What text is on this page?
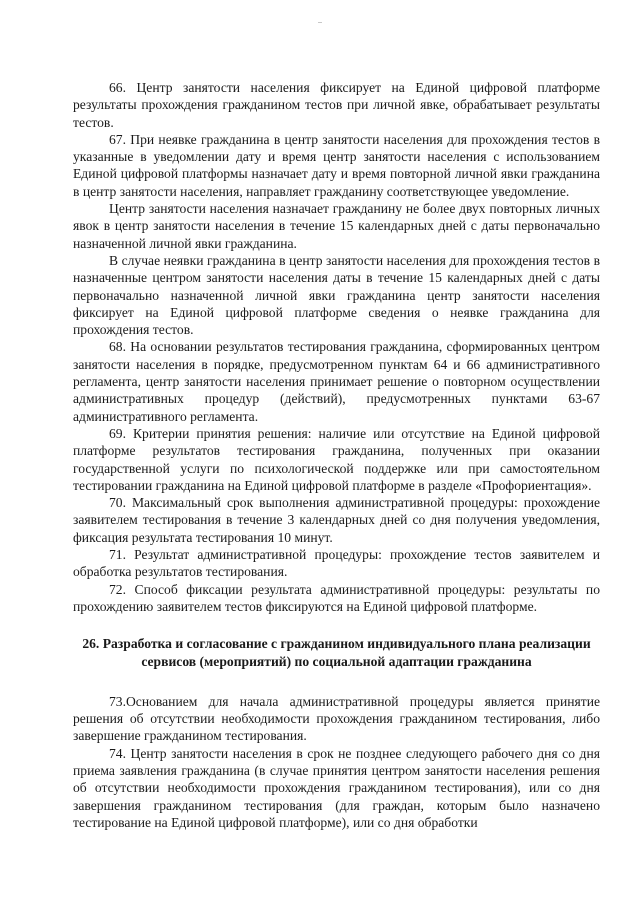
66. Центр занятости населения фиксирует на Единой цифровой платформе результаты прохождения гражданином тестов при личной явке, обрабатывает результаты тестов.

67. При неявке гражданина в центр занятости населения для прохождения тестов в указанные в уведомлении дату и время центр занятости населения с использованием Единой цифровой платформы назначает дату и время повторной личной явки гражданина в центр занятости населения, направляет гражданину соответствующее уведомление.

Центр занятости населения назначает гражданину не более двух повторных личных явок в центр занятости населения в течение 15 календарных дней с даты первоначально назначенной личной явки гражданина.

В случае неявки гражданина в центр занятости населения для прохождения тестов в назначенные центром занятости населения даты в течение 15 календарных дней с даты первоначально назначенной личной явки гражданина центр занятости населения фиксирует на Единой цифровой платформе сведения о неявке гражданина для прохождения тестов.

68. На основании результатов тестирования гражданина, сформированных центром занятости населения в порядке, предусмотренном пунктам 64 и 66 административного регламента, центр занятости населения принимает решение о повторном осуществлении административных процедур (действий), предусмотренных пунктами 63-67 административного регламента.

69. Критерии принятия решения: наличие или отсутствие на Единой цифровой платформе результатов тестирования гражданина, полученных при оказании государственной услуги по психологической поддержке или при самостоятельном тестировании гражданина на Единой цифровой платформе в разделе «Профориентация».

70. Максимальный срок выполнения административной процедуры: прохождение заявителем тестирования в течение 3 календарных дней со дня получения уведомления, фиксация результата тестирования 10 минут.

71. Результат административной процедуры: прохождение тестов заявителем и обработка результатов тестирования.

72. Способ фиксации результата административной процедуры: результаты по прохождению заявителем тестов фиксируются на Единой цифровой платформе.

26. Разработка и согласование с гражданином индивидуального плана реализации сервисов (мероприятий) по социальной адаптации гражданина

73.Основанием для начала административной процедуры является принятие решения об отсутствии необходимости прохождения гражданином тестирования, либо завершение гражданином тестирования.

74. Центр занятости населения в срок не позднее следующего рабочего дня со дня приема заявления гражданина (в случае принятия центром занятости населения решения об отсутствии необходимости прохождения гражданином тестирования), или со дня завершения гражданином тестирования (для граждан, которым было назначено тестирование на Единой цифровой платформе), или со дня обработки
